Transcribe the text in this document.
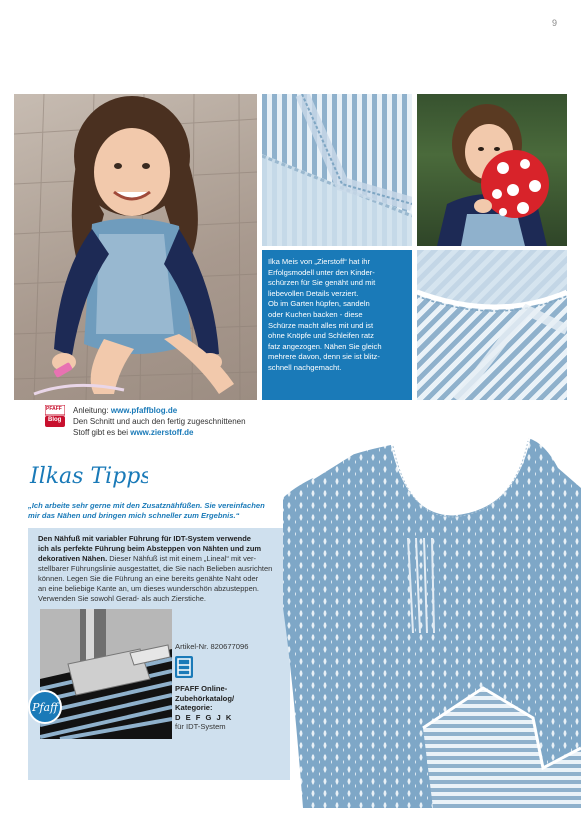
9

Ilka Meis von „Zierstoff“ hat ihr

Erfolgsmodell unter den Kinder-

schürzen für Sie genäht und mit

liebevollen Details verziert.

Ob im Garten hüpfen, sandeln

oder Kuchen backen - diese

Schürze macht alles mit und ist

ohne Knöpfe und Schleifen ratz

fatz angezogen. Nähen Sie gleich

mehrere davon, denn sie ist blitz-

schnell nachgemacht.

PFAFF
Blog
Anleitung: www.pfaffblog.de
Den Schnitt und auch den fertig zugeschnittenen
Stoff gibt es bei www.zierstoff.de
Ilkas Tipps!
„Ich arbeite sehr gerne mit den Zusatznähfüßen. Sie vereinfachen
mir das Nähen und bringen mich schneller zum Ergebnis.“
Den Nähfuß mit variabler Führung für IDT-System verwende
ich als perfekte Führung beim Absteppen von Nähten und zum
dekorativen Nähen. Dieser Nähfuß ist mit einem „Lineal“ mit ver-
stellbarer Führungslinie ausgestattet, die Sie nach Belieben ausrichten
können. Legen Sie die Führung an eine bereits genähte Naht oder
an eine beliebige Kante an, um dieses wunderschön abzusteppen.
Verwenden Sie sowohl Gerad- als auch Zierstiche.
Pfaff
Artikel-Nr. 820677096
PFAFF Online-
Zubehörkatalog/
Kategorie:
D E F G J K
für IDT-System
